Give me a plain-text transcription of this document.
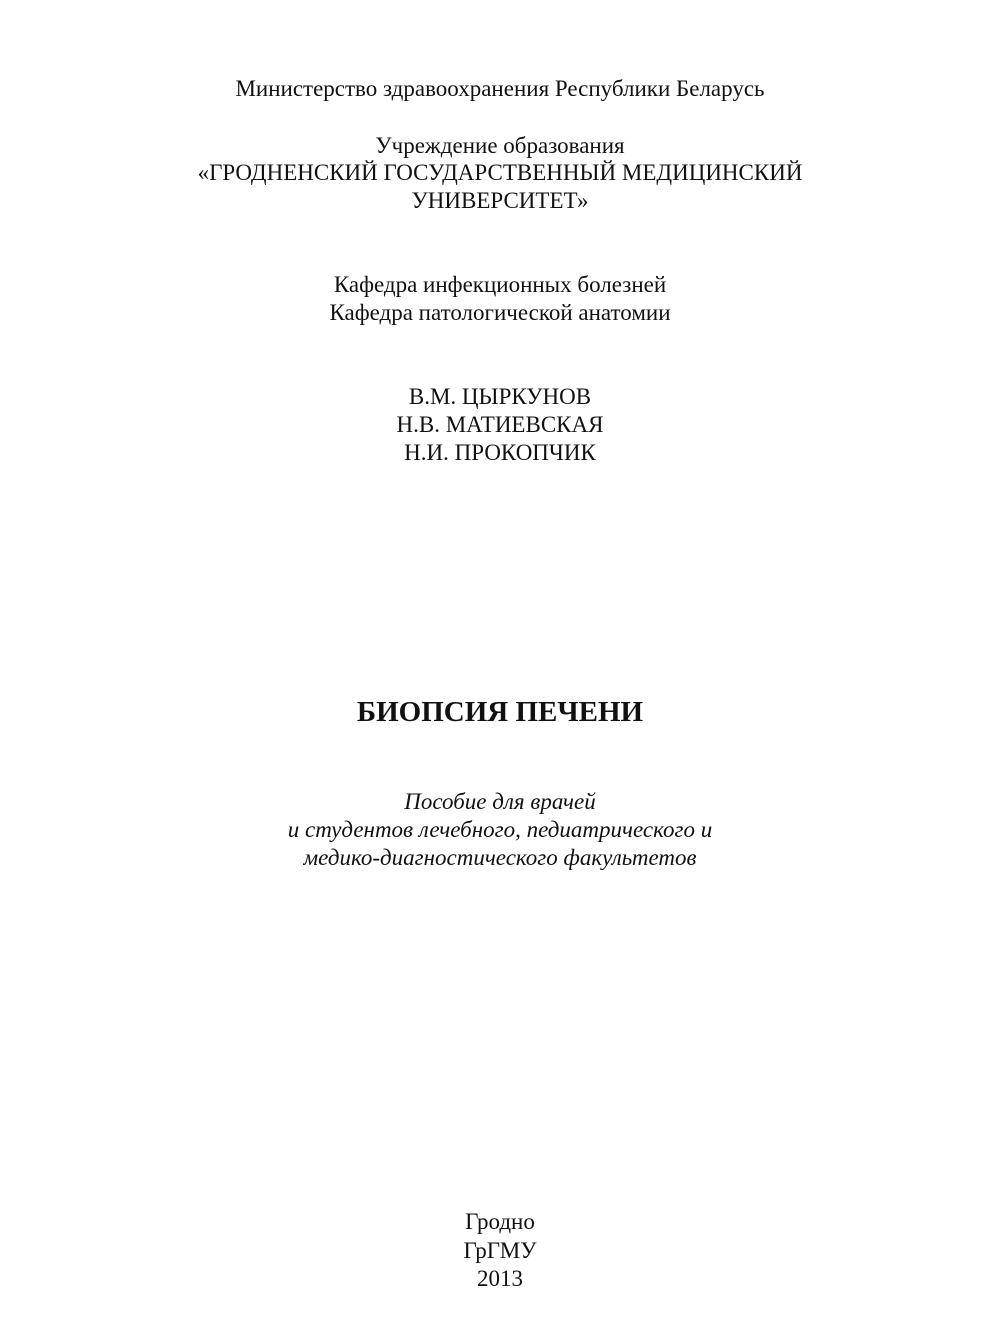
Министерство здравоохранения Республики Беларусь
Учреждение образования
«ГРОДНЕНСКИЙ ГОСУДАРСТВЕННЫЙ МЕДИЦИНСКИЙ
УНИВЕРСИТЕТ»
Кафедра инфекционных болезней
Кафедра патологической анатомии
В.М. ЦЫРКУНОВ
Н.В. МАТИЕВСКАЯ
Н.И. ПРОКОПЧИК
БИОПСИЯ ПЕЧЕНИ
Пособие для врачей
и студентов лечебного, педиатрического и
медико-диагностического факультетов
Гродно
ГрГМУ
2013
